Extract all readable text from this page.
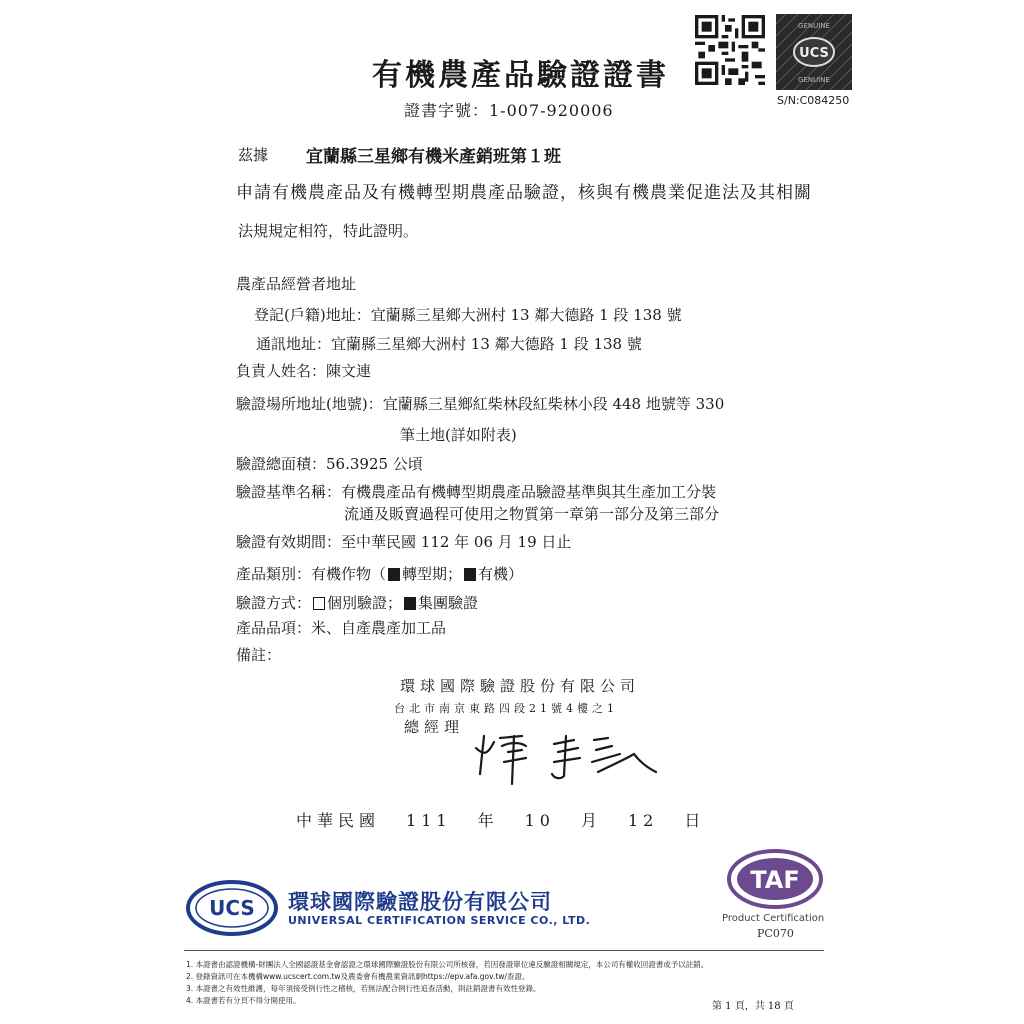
有機農產品驗證證書
證書字號：1-007-920006
UCS
GENUINE
GENUINE
S/N:C084250
茲據 宜蘭縣三星鄉有機米產銷班第１班
申請有機農產品及有機轉型期農產品驗證，核與有機農業促進法及其相關
法規規定相符，特此證明。
農產品經營者地址
登記(戶籍)地址：宜蘭縣三星鄉大洲村 13 鄰大德路 1 段 138 號
通訊地址：宜蘭縣三星鄉大洲村 13 鄰大德路 1 段 138 號
負責人姓名：陳文連
驗證場所地址(地號)：宜蘭縣三星鄉紅柴林段紅柴林小段 448 地號等 330
筆土地(詳如附表)
驗證總面積：56.3925 公頃
驗證基準名稱：有機農產品有機轉型期農產品驗證基準與其生產加工分裝
流通及販賣過程可使用之物質第一章第一部分及第三部分
驗證有效期間：至中華民國 112 年 06 月 19 日止
產品類別：有機作物（ 轉型期； 有機）
驗證方式： 個別驗證； 集團驗證
產品品項：米、自產農產加工品
備註：
環球國際驗證股份有限公司
台北市南京東路四段21號4樓之1
總經理
中華民國 111 年 10 月 12 日
UCS 環球國際驗證股份有限公司
UNIVERSAL CERTIFICATION SERVICE CO., LTD.
TAF
Product Certification
PC070
1. 本證書由認證機構-財團法人全國認證基金會認證之環球國際驗證股份有限公司所核發，若因發證單位違反驗證相關規定，本公司有權收回證書或予以註銷。
2. 登錄資訊可在本機構www.ucscert.com.tw及農委會有機農業資訊網https://epv.afa.gov.tw/查證。
3. 本證書之有效性維護，每年須接受例行性之稽核，若無法配合例行性追查活動，則註銷證書有效性登錄。
4. 本證書若有分頁不得分開使用。
第 1 頁，共 18 頁
